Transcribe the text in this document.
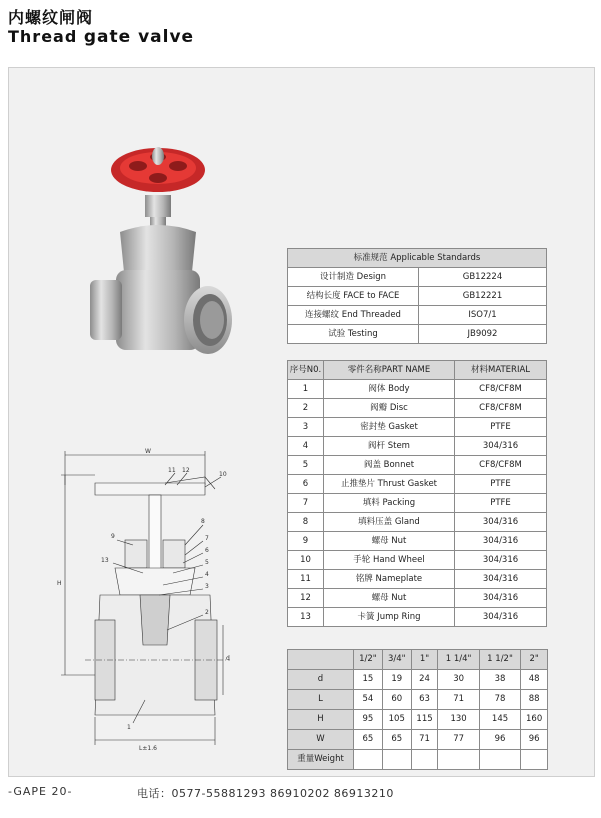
内螺纹闸阀
Thread gate valve
W
H
d
L±1.6
11 12
10
8
9
13
7
6
5
4
3
2
1
标准规范 Applicable Standards	
设计制造 Design	GB12224
结构长度 FACE to FACE	GB12221
连接螺纹 End Threaded	ISO7/1
试验 Testing	JB9092
序号N0.	零件名称PART NAME	材料MATERIAL
1	阀体 Body	CF8/CF8M
2	阀瓣 Disc	CF8/CF8M
3	密封垫 Gasket	PTFE
4	阀杆 Stem	304/316
5	阀盖 Bonnet	CF8/CF8M
6	止推垫片 Thrust Gasket	PTFE
7	填料 Packing	PTFE
8	填料压盖 Gland	304/316
9	螺母 Nut	304/316
10	手轮 Hand Wheel	304/316
11	铭牌 Nameplate	304/316
12	螺母 Nut	304/316
13	卡簧 Jump Ring	304/316
	1/2"	3/4"	1"	1 1/4"	1 1/2"	2"
d	15	19	24	30	38	48
L	54	60	63	71	78	88
H	95	105	115	130	145	160
W	65	65	71	77	96	96
重量Weight						
-GAPE 20-	电话：0577-55881293 86910202 86913210
